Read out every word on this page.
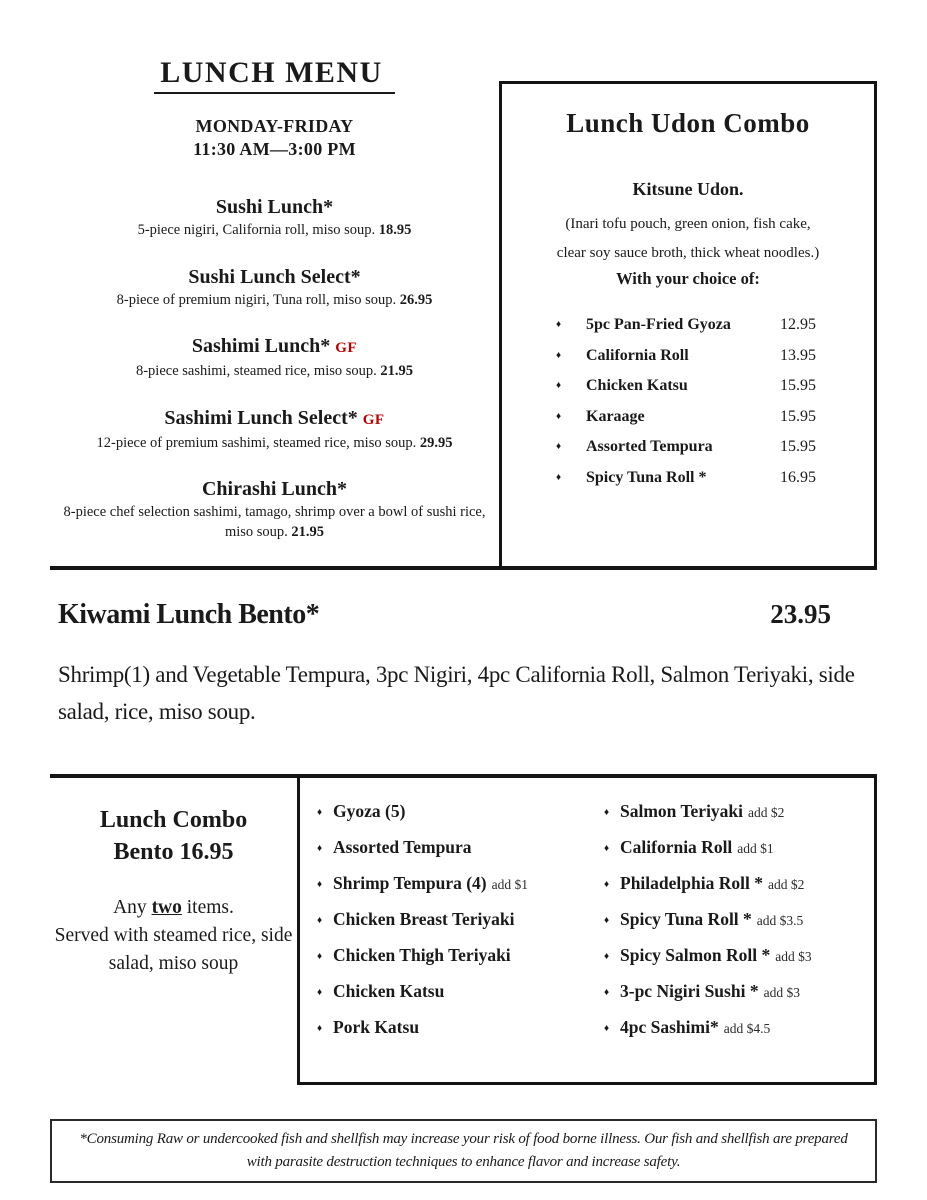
LUNCH MENU
MONDAY-FRIDAY
11:30 AM—3:00 PM
Sushi Lunch*
5-piece nigiri, California roll, miso soup. 18.95
Sushi Lunch Select*
8-piece of premium nigiri, Tuna roll, miso soup. 26.95
Sashimi Lunch* GF
8-piece sashimi, steamed rice, miso soup. 21.95
Sashimi Lunch Select* GF
12-piece of premium sashimi, steamed rice, miso soup. 29.95
Chirashi Lunch*
8-piece chef selection sashimi, tamago, shrimp over a bowl of sushi rice, miso soup. 21.95
Lunch Udon Combo
Kitsune Udon.
(Inari tofu pouch, green onion, fish cake,
clear soy sauce broth, thick wheat noodles.)
With your choice of:
♦	5pc Pan-Fried Gyoza	12.95
♦	California Roll	13.95
♦	Chicken Katsu	15.95
♦	Karaage	15.95
♦	Assorted Tempura	15.95
♦	Spicy Tuna Roll *	16.95
Kiwami Lunch Bento*	23.95
Shrimp(1) and Vegetable Tempura, 3pc Nigiri, 4pc California Roll, Salmon Teriyaki, side salad, rice, miso soup.
Lunch Combo
Bento 16.95
Any two items.
Served with steamed rice, side salad, miso soup
♦ Gyoza (5)
♦ Assorted Tempura
♦ Shrimp Tempura (4) add $1
♦ Chicken Breast Teriyaki
♦ Chicken Thigh Teriyaki
♦ Chicken Katsu
♦ Pork Katsu
♦ Salmon Teriyaki add $2
♦ California Roll add $1
♦ Philadelphia Roll * add $2
♦ Spicy Tuna Roll * add $3.5
♦ Spicy Salmon Roll * add $3
♦ 3-pc Nigiri Sushi * add $3
♦ 4pc Sashimi* add $4.5
*Consuming Raw or undercooked fish and shellfish may increase your risk of food borne illness. Our fish and shellfish are prepared
with parasite destruction techniques to enhance flavor and increase safety.
